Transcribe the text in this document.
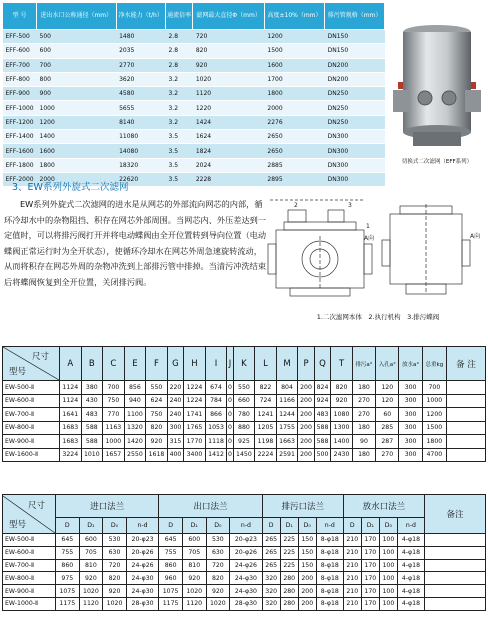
型 号	进出水口公称通径（mm）	净水能力（t/h）	通流倍率	滤网最大直径Φ（mm）	高度±10%（mm）	排污管规格（mm）
EFF-500	500	1480	2.8	720	1200	DN150
EFF-600	600	2035	2.8	820	1500	DN150
EFF-700	700	2770	2.8	920	1600	DN200
EFF-800	800	3620	3.2	1020	1700	DN200
EFF-900	900	4580	3.2	1120	1800	DN250
EFF-1000	1000	5655	3.2	1220	2000	DN250
EFF-1200	1200	8140	3.2	1424	2276	DN250
EFF-1400	1400	11080	3.5	1624	2650	DN300
EFF-1600	1600	14080	3.5	1824	2650	DN300
EFF-1800	1800	18320	3.5	2024	2885	DN300
EFF-2000	2000	22620	3.5	2228	2895	DN300
切换式二次滤网（EFF系列）
3、EW系列外旋式二次滤网
EW系列外旋式二次滤网的进水是从网芯的外部流向网芯的内部，循环冷却水中的杂物阻挡、积存在网芯外部周围。当网芯内、外压差达到一定值时，可以将排污阀打开并将电动蝶阀由全开位置转到导向位置（电动蝶阀正常运行时为全开状态），使循环冷却水在网芯外周急速旋转流动，从而将积存在网芯外周的杂物冲洗到上部排污管中排掉。当清污冲洗结束后将蝶阀恢复到全开位置，关闭排污阀。
2	3
1
A向	A向
1.二次滤网本体　2.执行机构　3.排污蝶阀
尺寸
型号	A	B	C	E	F	G	H	I	J	K	L	M	P	Q	T	排污a°	入孔a°	放水a°	总重kg	备 注
EW-500-Ⅱ	1124	380	700	856	550	220	1224	674	0	550	822	804	200	824	820	180	120	300	700	
EW-600-Ⅱ	1124	430	750	940	624	240	1224	784	0	660	724	1166	200	924	920	270	120	300	1000	
EW-700-Ⅱ	1641	483	770	1100	750	240	1741	866	0	780	1241	1244	200	483	1080	270	60	300	1200	
EW-800-Ⅱ	1683	588	1163	1320	820	300	1765	1053	0	880	1205	1755	200	588	1300	180	285	300	1500	
EW-900-Ⅱ	1683	588	1000	1420	920	315	1770	1118	0	925	1198	1663	200	588	1400	90	287	300	1800	
EW-1600-Ⅱ	3224	1010	1657	2550	1618	400	3400	1412	0	1450	2224	2591	200	500	2430	180	270	300	4700	
尺寸
型号	进口法兰				出口法兰				排污口法兰				放水口法兰				备注
	D	D₁	D₀	n-d	D	D₁	D₀	n-d	D	D₁	D₀	n-d	D	D₁	D₀	n-d	
EW-500-Ⅱ	645	600	530	20-φ23	645	600	530	20-φ23	265	225	150	8-φ18	210	170	100	4-φ18	
EW-600-Ⅱ	755	705	630	20-φ26	755	705	630	20-φ26	265	225	150	8-φ18	210	170	100	4-φ18	
EW-700-Ⅱ	860	810	720	24-φ26	860	810	720	24-φ26	265	225	150	8-φ18	210	170	100	4-φ18	
EW-800-Ⅱ	975	920	820	24-φ30	960	920	820	24-φ30	320	280	200	8-φ18	210	170	100	4-φ18	
EW-900-Ⅱ	1075	1020	920	24-φ30	1075	1020	920	24-φ30	320	280	200	8-φ18	210	170	100	4-φ18	
EW-1000-Ⅱ	1175	1120	1020	28-φ30	1175	1120	1020	28-φ30	320	280	200	8-φ18	210	170	100	4-φ18	
